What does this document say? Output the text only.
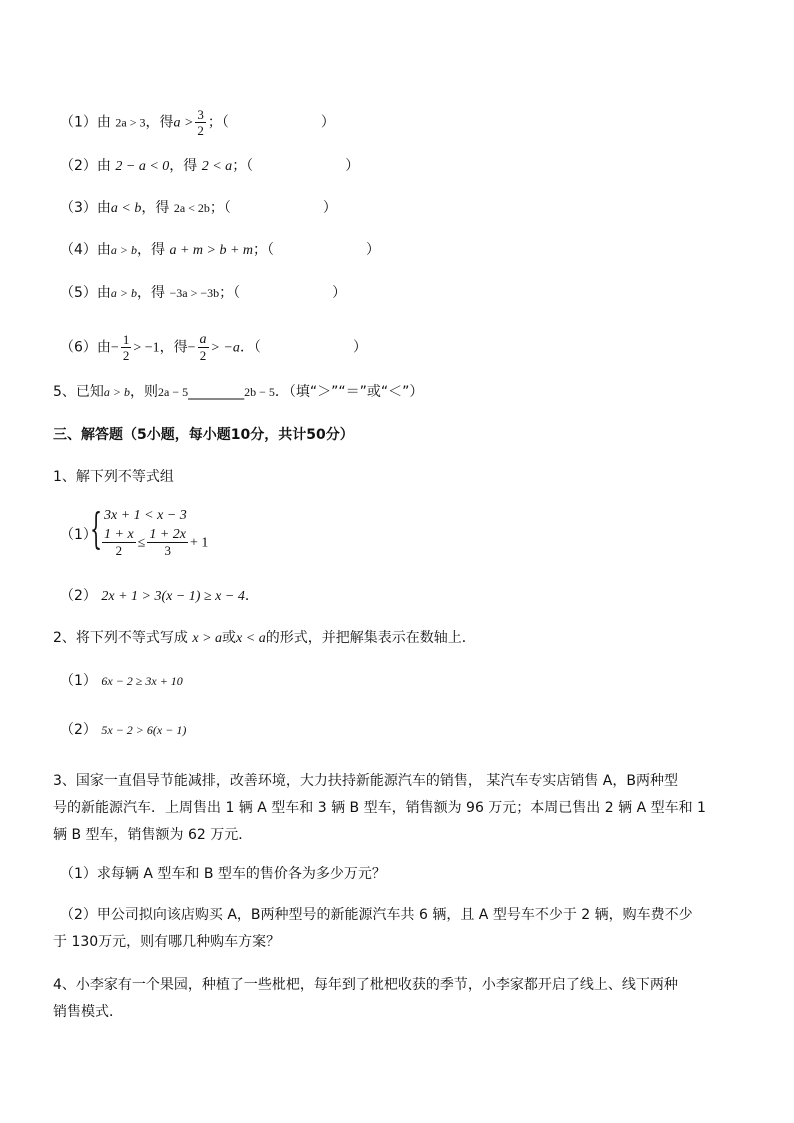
（1）由 2a > 3，得$a > \frac{3}{2}$ ；（	）
（2）由 2 − a < 0，得 2 < a；（	）
（3）由a < b，得 2a < 2b；（	）
（4）由a > b，得 a + m > b + m；（	）
（5）由a > b，得 −3a > −3b；（	）
（6）由− $\frac{1}{2} > -1$，得− $\frac{a}{2} > -a$．（	）
5、已知a > b，则2a − 5________2b − 5．（填“＞”“＝”或“＜”）
三、解答题（5小题，每小题10分，共计50分）
1、解下列不等式组
（1）
{ 3x + 1 < x − 3
$\frac{1 + x}{2} \le \frac{1 + 2x}{3} + 1$
（2） 2x + 1 > 3(x − 1) ≥ x − 4．
2、将下列不等式写成 x > a或x < a的形式，并把解集表示在数轴上．
（1） 6x − 2 ≥ 3x + 10
（2） 5x − 2 > 6(x − 1)
3、国家一直倡导节能减排，改善环境，大力扶持新能源汽车的销售， 某汽车专实店销售 A，B两种型
号的新能源汽车．上周售出 1 辆 A 型车和 3 辆 B 型车，销售额为 96 万元；本周已售出 2 辆 A 型车和 1
辆 B 型车，销售额为 62 万元．
（1）求每辆 A 型车和 B 型车的售价各为多少万元？
（2）甲公司拟向该店购买 A，B两种型号的新能源汽车共 6 辆，且 A 型号车不少于 2 辆，购车费不少
于 130万元，则有哪几种购车方案？
4、小李家有一个果园，种植了一些枇杷，每年到了枇杷收获的季节，小李家都开启了线上、线下两种
销售模式．
